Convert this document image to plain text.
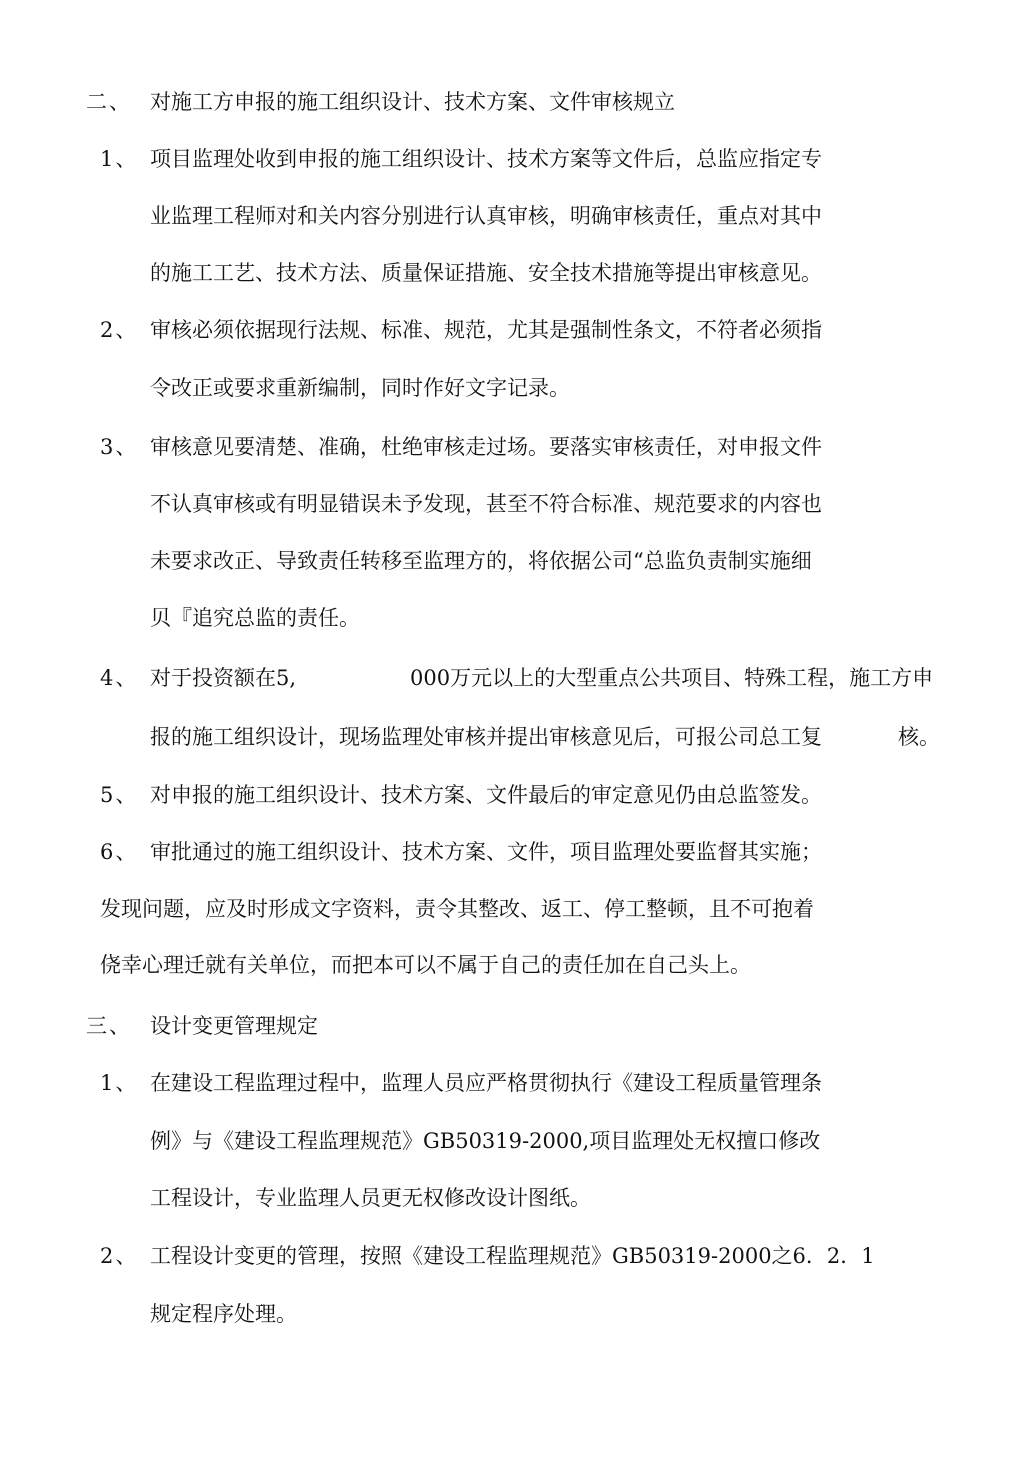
二、 对施工方申报的施工组织设计、技术方案、文件审核规立
1、 项目监理处收到申报的施工组织设计、技术方案等文件后，总监应指定专
业监理工程师对和关内容分别进行认真审核，明确审核责任，重点对其中
的施工工艺、技术方法、质量保证措施、安全技术措施等提出审核意见。
2、 审核必须依据现行法规、标准、规范，尤其是强制性条文，不符者必须指
令改正或要求重新编制，同时作好文字记录。
3、 审核意见要清楚、准确，杜绝审核走过场。要落实审核责任，对申报文件
不认真审核或有明显错误未予发现，甚至不符合标准、规范要求的内容也
未要求改正、导致责任转移至监理方的，将依据公司“总监负责制实施细
贝『追究总监的责任。
4、 对于投资额在5,	000万元以上的大型重点公共项目、特殊工程，施工方申
报的施工组织设计，现场监理处审核并提出审核意见后，可报公司总工复	核。
5、 对申报的施工组织设计、技术方案、文件最后的审定意见仍由总监签发。
6、 审批通过的施工组织设计、技术方案、文件，项目监理处要监督其实施；
发现问题，应及时形成文字资料，责令其整改、返工、停工整顿，且不可抱着
侥幸心理迁就有关单位，而把本可以不属于自己的责任加在自己头上。
三、 设计变更管理规定
1、 在建设工程监理过程中，监理人员应严格贯彻执行《建设工程质量管理条
例》与《建设工程监理规范》GB50319-2000,项目监理处无权擅口修改
工程设计，专业监理人员更无权修改设计图纸。
2、 工程设计变更的管理，按照《建设工程监理规范》GB50319-2000之6．2．1
规定程序处理。
